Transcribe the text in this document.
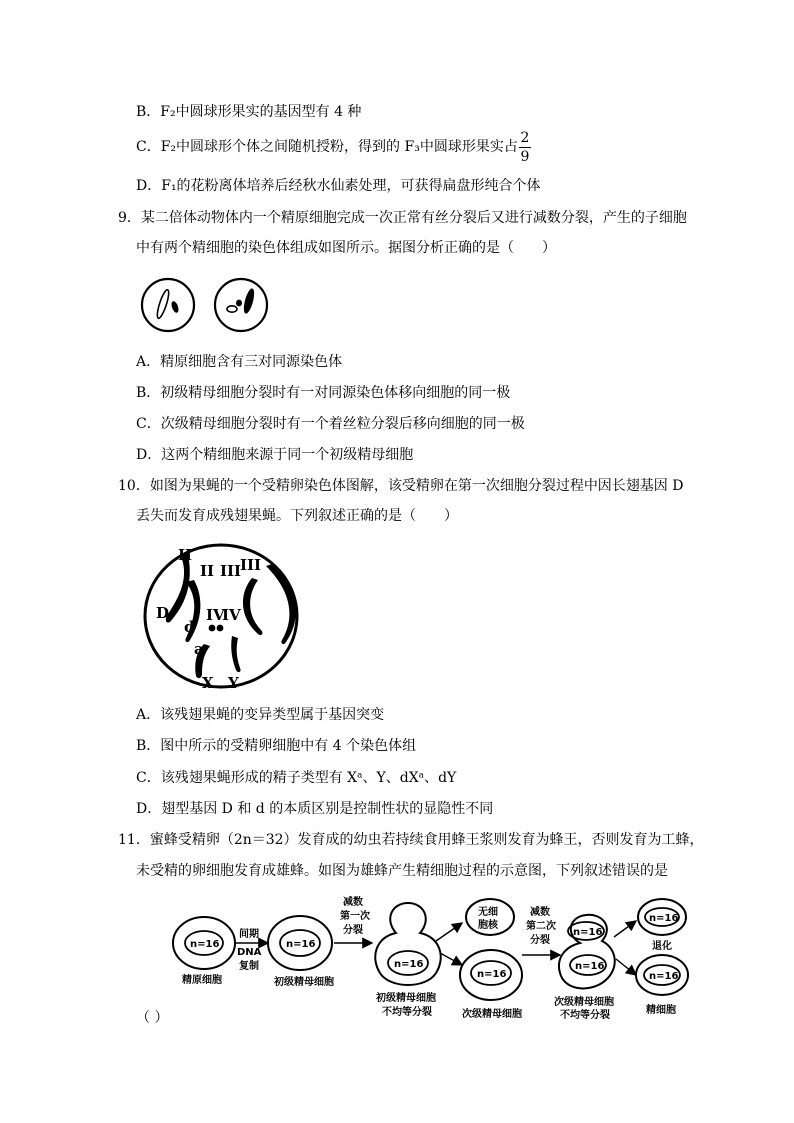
B．F₂中圆球形果实的基因型有 4 种
C．F₂中圆球形个体之间随机授粉，得到的 F₃中圆球形果实占
2
9
D．F₁的花粉离体培养后经秋水仙素处理，可获得扁盘形纯合个体
9．某二倍体动物体内一个精原细胞完成一次正常有丝分裂后又进行减数分裂，产生的子细胞
中有两个精细胞的染色体组成如图所示。据图分析正确的是（　　）
A．精原细胞含有三对同源染色体
B．初级精母细胞分裂时有一对同源染色体移向细胞的同一极
C．次级精母细胞分裂时有一个着丝粒分裂后移向细胞的同一极
D．这两个精细胞来源于同一个初级精母细胞
10．如图为果蝇的一个受精卵染色体图解，该受精卵在第一次细胞分裂过程中因长翅基因 D
丢失而发育成残翅果蝇。下列叙述正确的是（　　）
II
II III
III
IV
IV
D
d
a
X Y
A．该残翅果蝇的变异类型属于基因突变
B．图中所示的受精卵细胞中有 4 个染色体组
C．该残翅果蝇形成的精子类型有 Xᵃ、Y、dXᵃ、dY
D．翅型基因 D 和 d 的本质区别是控制性状的显隐性不同
11．蜜蜂受精卵（2n＝32）发育成的幼虫若持续食用蜂王浆则发育为蜂王，否则发育为工蜂，
未受精的卵细胞发育成雄蜂。如图为雄蜂产生精细胞过程的示意图，下列叙述错误的是
n=16
精原细胞
间期
DNA
复制
n=16
初级精母细胞
减数
第一次
分裂
n=16
初级精母细胞
不均等分裂
无细
胞核
n=16
次级精母细胞
减数
第二次
分裂
n=16
n=16
次级精母细胞
不均等分裂
n=16
退化
n=16
精细胞
（ ）
